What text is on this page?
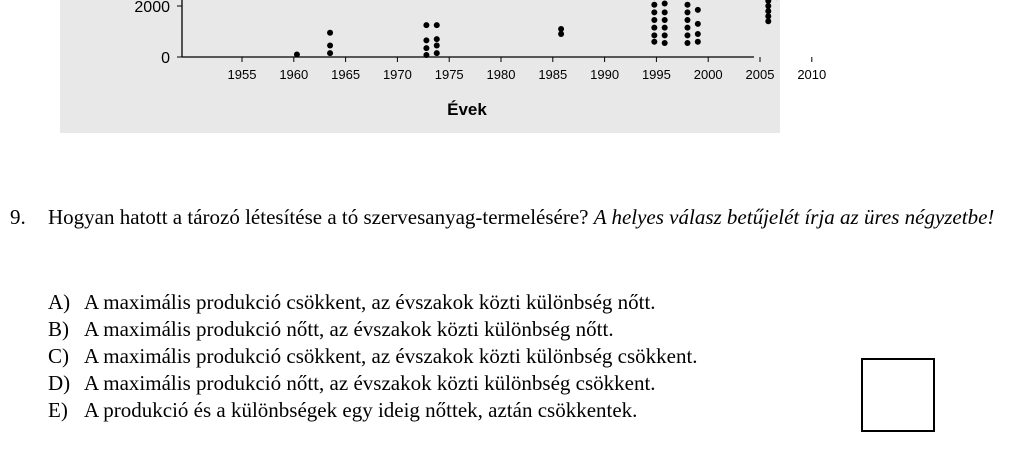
0
2000
1955 1960 1965 1970 1975 1980 1985 1990 1995 2000 2005 2010
Évek
9. Hogyan hatott a tározó létesítése a tó szervesanyag-termelésére? A helyes válasz betűjelét írja az üres négyzetbe!
A) A maximális produkció csökkent, az évszakok közti különbség nőtt.
B) A maximális produkció nőtt, az évszakok közti különbség nőtt.
C) A maximális produkció csökkent, az évszakok közti különbség csökkent.
D) A maximális produkció nőtt, az évszakok közti különbség csökkent.
E) A produkció és a különbségek egy ideig nőttek, aztán csökkentek.
